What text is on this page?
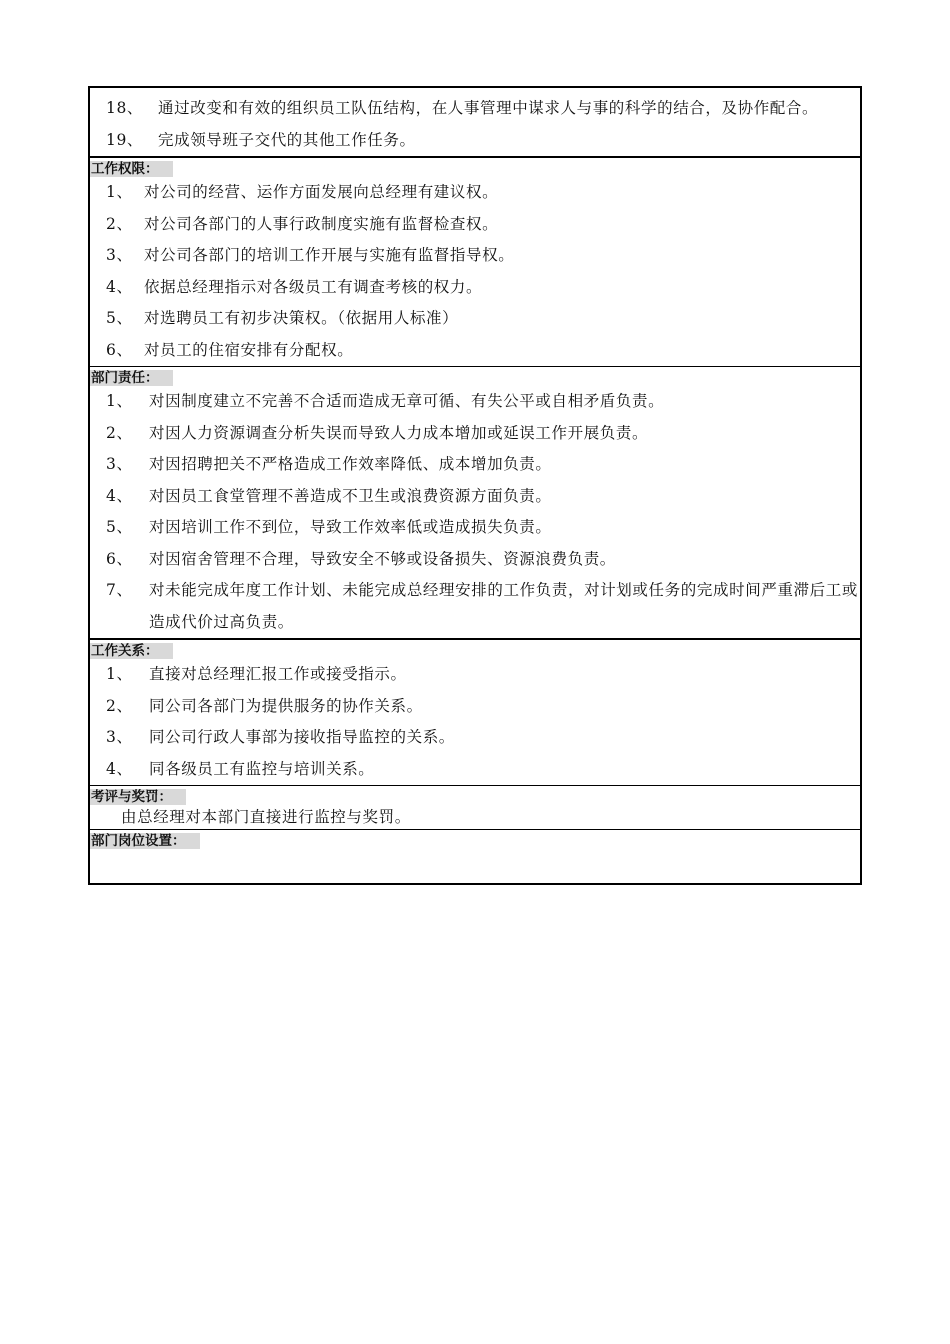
18、 通过改变和有效的组织员工队伍结构，在人事管理中谋求人与事的科学的结合，及协作配合。
19、 完成领导班子交代的其他工作任务。
工作权限：
1、 对公司的经营、运作方面发展向总经理有建议权。
2、 对公司各部门的人事行政制度实施有监督检查权。
3、 对公司各部门的培训工作开展与实施有监督指导权。
4、 依据总经理指示对各级员工有调查考核的权力。
5、 对选聘员工有初步决策权。（依据用人标准）
6、 对员工的住宿安排有分配权。
部门责任：
1、	对因制度建立不完善不合适而造成无章可循、有失公平或自相矛盾负责。
2、	对因人力资源调查分析失误而导致人力成本增加或延误工作开展负责。
3、	对因招聘把关不严格造成工作效率降低、成本增加负责。
4、	对因员工食堂管理不善造成不卫生或浪费资源方面负责。
5、	对因培训工作不到位，导致工作效率低或造成损失负责。
6、	对因宿舍管理不合理，导致安全不够或设备损失、资源浪费负责。
7、	对未能完成年度工作计划、未能完成总经理安排的工作负责，对计划或任务的完成时间严重滞后工或造成代价过高负责。
工作关系：
1、	直接对总经理汇报工作或接受指示。
2、	同公司各部门为提供服务的协作关系。
3、	同公司行政人事部为接收指导监控的关系。
4、	同各级员工有监控与培训关系。
考评与奖罚：
由总经理对本部门直接进行监控与奖罚。
部门岗位设置：
